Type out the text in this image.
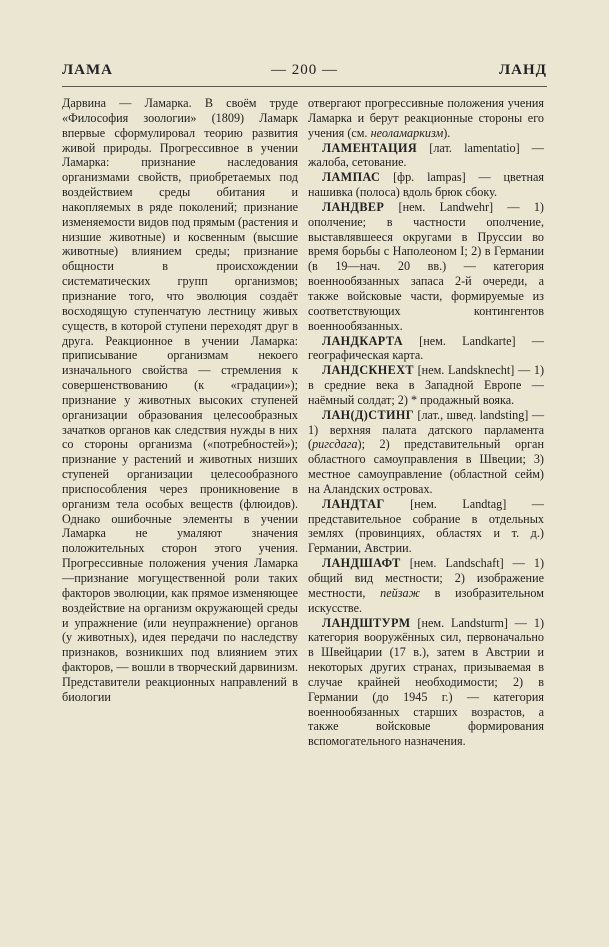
ЛАМА	— 200 —	ЛАНД

Дарвина — Ламарка. В своём труде «Философия зоологии» (1809) Ламарк впервые сформулировал теорию развития живой природы. Прогрессивное в учении Ламарка: признание наследования организмами свойств, приобретаемых под воздействием среды обитания и накопляемых в ряде поколений; признание изменяемости видов под прямым (растения и низшие животные) и косвенным (высшие животные) влиянием среды; признание общности в происхождении систематических групп организмов; признание того, что эволюция создаёт восходящую ступенчатую лестницу живых существ, в которой ступени переходят друг в друга. Реакционное в учении Ламарка: приписывание организмам некоего изначального свойства — стремления к совершенствованию (к «градации»); признание у животных высоких ступеней организации образования целесообразных зачатков органов как следствия нужды в них со стороны организма («потребностей»); признание у растений и животных низших ступеней организации целесообразного приспособления через проникновение в организм тела особых веществ (флюидов). Однако ошибочные элементы в учении Ламарка не умаляют значения положительных сторон этого учения. Прогрессивные положения учения Ламарка—признание могущественной роли таких факторов эволюции, как прямое изменяющее воздействие на организм окружающей среды и упражнение (или неупражнение) органов (у животных), идея передачи по наследству признаков, возникших под влиянием этих факторов, — вошли в творческий дарвинизм. Представители реакционных направлений в биологии

отвергают прогрессивные положения учения Ламарка и берут реакционные стороны его учения (см. неоламаркизм).

ЛАМЕНТАЦИЯ [лат. lamentatio] — жалоба, сетование.

ЛАМПАС [фр. lampas] — цветная нашивка (полоса) вдоль брюк сбоку.

ЛАНДВЕР [нем. Landwehr] — 1) ополчение; в частности ополчение, выставлявшееся округами в Пруссии во время борьбы с Наполеоном I; 2) в Германии (в 19—нач. 20 вв.) — категория военнообязанных запаса 2-й очереди, а также войсковые части, формируемые из соответствующих контингентов военнообязанных.

ЛАНДКАРТА [нем. Landkarte] — географическая карта.

ЛАНДСКНЕХТ [нем. Landsknecht] — 1) в средние века в Западной Европе — наёмный солдат; 2) * продажный вояка.

ЛАН(Д)СТИНГ [лат., швед. landsting] — 1) верхняя палата датского парламента (ригсдага); 2) представительный орган областного самоуправления в Швеции; 3) местное самоуправление (областной сейм) на Аландских островах.

ЛАНДТАГ [нем. Landtag] — представительное собрание в отдельных землях (провинциях, областях и т. д.) Германии, Австрии.

ЛАНДШАФТ [нем. Landschaft] — 1) общий вид местности; 2) изображение местности, пейзаж в изобразительном искусстве.

ЛАНДШТУРМ [нем. Landsturm] — 1) категория вооружённых сил, первоначально в Швейцарии (17 в.), затем в Австрии и некоторых других странах, призываемая в случае крайней необходимости; 2) в Германии (до 1945 г.) — категория военнообязанных старших возрастов, а также войсковые формирования вспомогательного назначения.
